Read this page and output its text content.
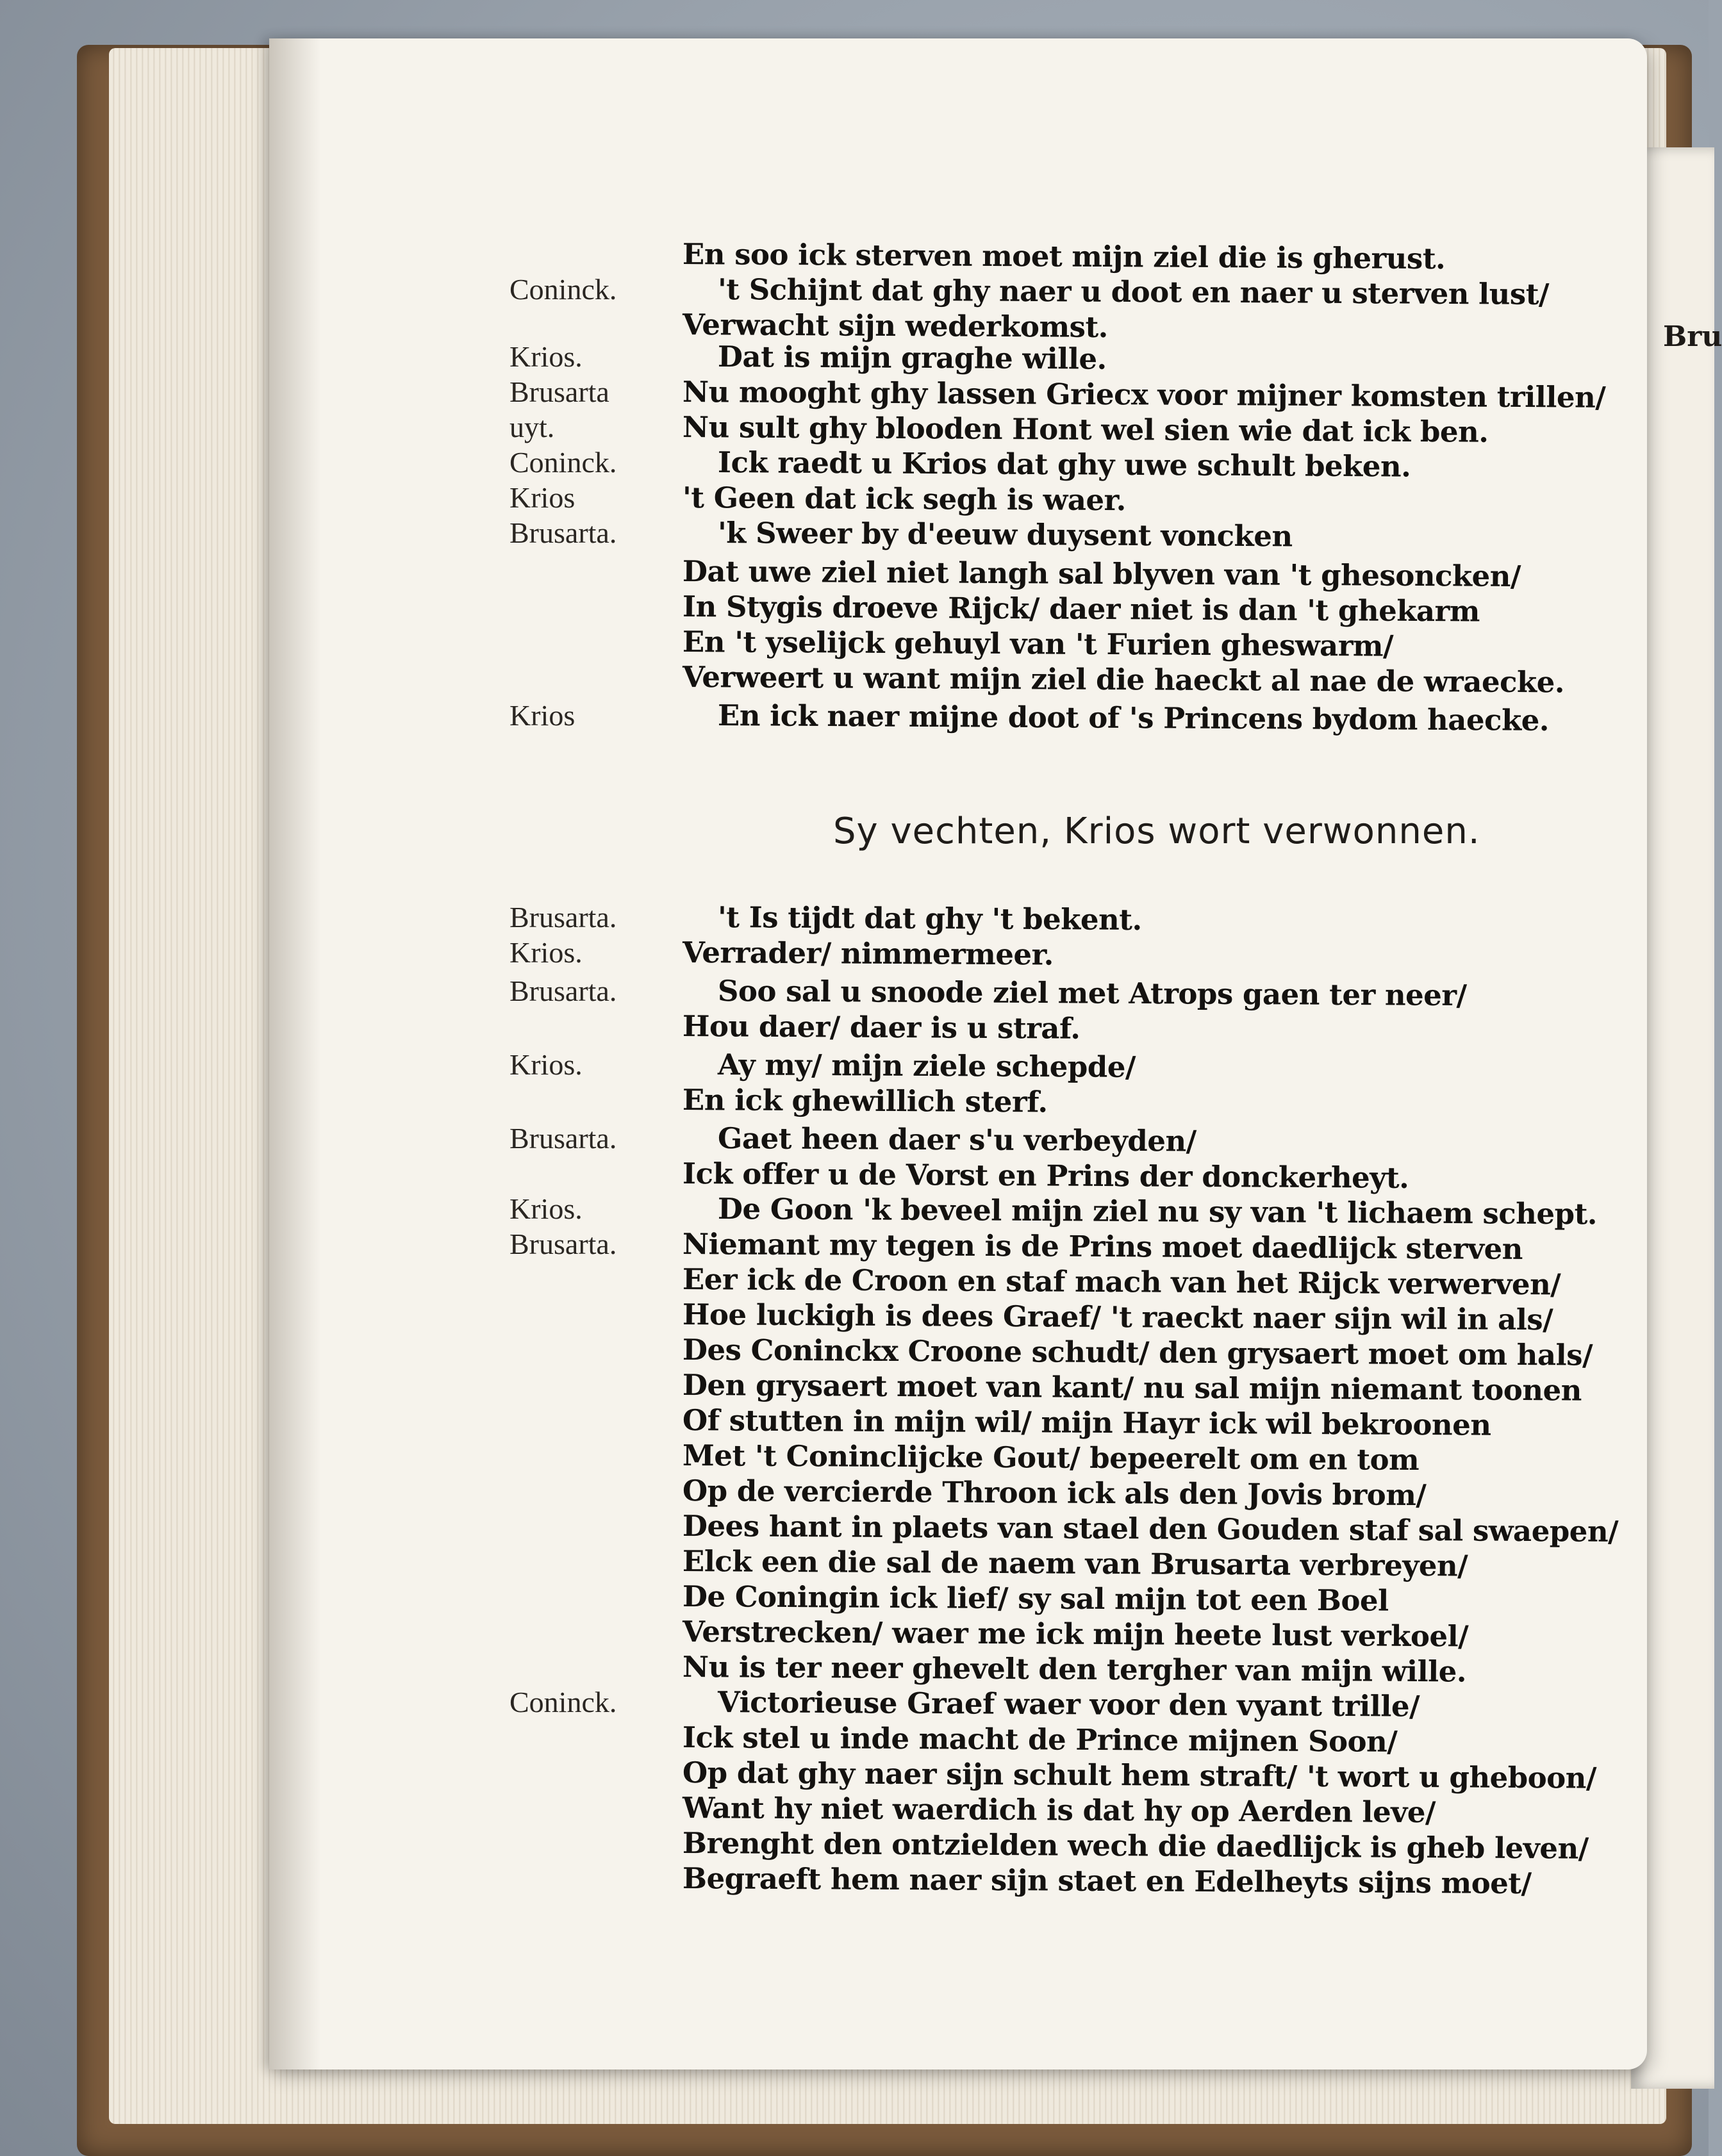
Bru
Sy vechten, Krios wort verwonnen.
En soo ick sterven moet mijn ziel die is gherust.
Coninck.	't Schijnt dat ghy naer u doot en naer u sterven lust/
Verwacht sijn wederkomst.
Krios.	Dat is mijn graghe wille.
Brusarta	Nu mooght ghy lassen Griecx voor mijner komsten trillen/
uyt.	Nu sult ghy blooden Hont wel sien wie dat ick ben.
Coninck.	Ick raedt u Krios dat ghy uwe schult beken.
Krios	't Geen dat ick segh is waer.
Brusarta.	'k Sweer by d'eeuw duysent voncken
Dat uwe ziel niet langh sal blyven van 't ghesoncken/
In Stygis droeve Rijck/ daer niet is dan 't ghekarm
En 't yselijck gehuyl van 't Furien gheswarm/
Verweert u want mijn ziel die haeckt al nae de wraecke.
Krios	En ick naer mijne doot of 's Princens bydom haecke.
Brusarta.	't Is tijdt dat ghy 't bekent.
Krios.	Verrader/ nimmermeer.
Brusarta.	Soo sal u snoode ziel met Atrops gaen ter neer/
Hou daer/ daer is u straf.
Krios.	Ay my/ mijn ziele schepde/
En ick ghewillich sterf.
Brusarta.	Gaet heen daer s'u verbeyden/
Ick offer u de Vorst en Prins der donckerheyt.
Krios.	De Goon 'k beveel mijn ziel nu sy van 't lichaem schept.
Brusarta. Niemant my tegen is de Prins moet daedlijck sterven
Eer ick de Croon en staf mach van het Rijck verwerven/
Hoe luckigh is dees Graef/ 't raeckt naer sijn wil in als/
Des Coninckx Croone schudt/ den grysaert moet om hals/
Den grysaert moet van kant/ nu sal mijn niemant toonen
Of stutten in mijn wil/ mijn Hayr ick wil bekroonen
Met 't Coninclijcke Gout/ bepeerelt om en tom
Op de vercierde Throon ick als den Jovis brom/
Dees hant in plaets van stael den Gouden staf sal swaepen/
Elck een die sal de naem van Brusarta verbreyen/
De Coningin ick lief/ sy sal mijn tot een Boel
Verstrecken/ waer me ick mijn heete lust verkoel/
Nu is ter neer ghevelt den tergher van mijn wille.
Coninck.	Victorieuse Graef waer voor den vyant trille/
Ick stel u inde macht de Prince mijnen Soon/
Op dat ghy naer sijn schult hem straft/ 't wort u gheboon/
Want hy niet waerdich is dat hy op Aerden leve/
Brenght den ontzielden wech die daedlijck is gheb leven/
Begraeft hem naer sijn staet en Edelheyts sijns moet/
